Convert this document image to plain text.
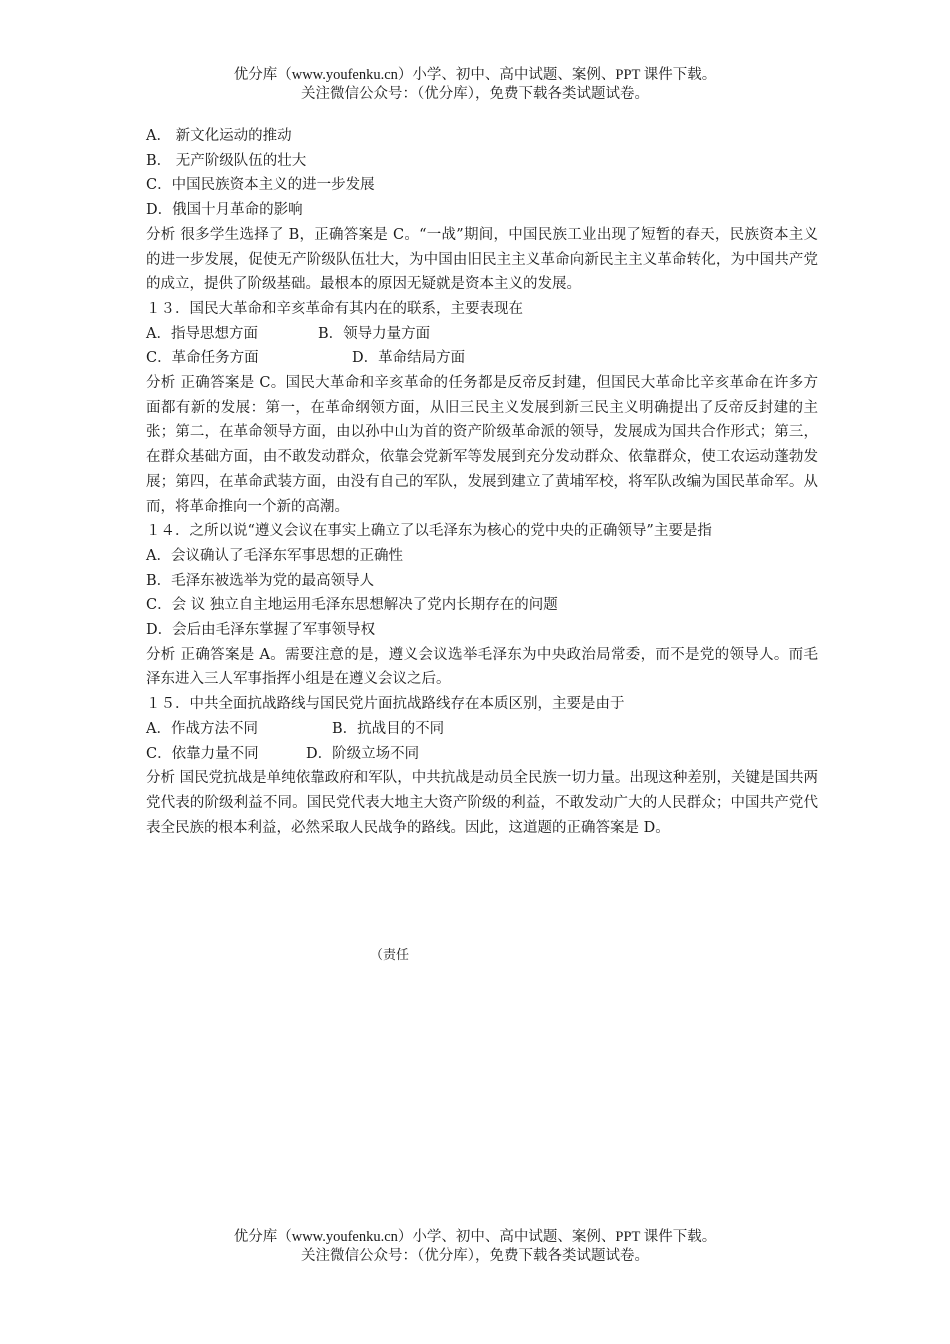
优分库（www.youfenku.cn）小学、初中、高中试题、案例、PPT 课件下载。
关注微信公众号：（优分库），免费下载各类试题试卷。

A． 新文化运动的推动

B． 无产阶级队伍的壮大

C．中国民族资本主义的进一步发展

D．俄国十月革命的影响

分析 很多学生选择了 B，正确答案是 C。“一战”期间，中国民族工业出现了短暂的春天，民族资本主义的进一步发展，促使无产阶级队伍壮大，为中国由旧民主主义革命向新民主主义革命转化，为中国共产党的成立，提供了阶级基础。最根本的原因无疑就是资本主义的发展。

１３．国民大革命和辛亥革命有其内在的联系，主要表现在

A．指导思想方面	B．领导力量方面
C．革命任务方面	D．革命结局方面

分析 正确答案是 C。国民大革命和辛亥革命的任务都是反帝反封建，但国民大革命比辛亥革命在许多方面都有新的发展：第一，在革命纲领方面，从旧三民主义发展到新三民主义明确提出了反帝反封建的主张；第二，在革命领导方面，由以孙中山为首的资产阶级革命派的领导，发展成为国共合作形式；第三，在群众基础方面，由不敢发动群众，依靠会党新军等发展到充分发动群众、依靠群众，使工农运动蓬勃发展；第四，在革命武装方面，由没有自己的军队，发展到建立了黄埔军校，将军队改编为国民革命军。从而，将革命推向一个新的高潮。

１４．之所以说“遵义会议在事实上确立了以毛泽东为核心的党中央的正确领导”主要是指

A．会议确认了毛泽东军事思想的正确性

B．毛泽东被选举为党的最高领导人

C．会 议 独立自主地运用毛泽东思想解决了党内长期存在的问题

D．会后由毛泽东掌握了军事领导权

分析 正确答案是 A。需要注意的是，遵义会议选举毛泽东为中央政治局常委，而不是党的领导人。而毛泽东进入三人军事指挥小组是在遵义会议之后。

１５．中共全面抗战路线与国民党片面抗战路线存在本质区别，主要是由于

A．作战方法不同	B．抗战目的不同
C．依靠力量不同	D．阶级立场不同

分析 国民党抗战是单纯依靠政府和军队，中共抗战是动员全民族一切力量。出现这种差别，关键是国共两党代表的阶级利益不同。国民党代表大地主大资产阶级的利益，不敢发动广大的人民群众；中国共产党代表全民族的根本利益，必然采取人民战争的路线。因此，这道题的正确答案是 D。

（责任
优分库（www.youfenku.cn）小学、初中、高中试题、案例、PPT 课件下载。
关注微信公众号：（优分库），免费下载各类试题试卷。
